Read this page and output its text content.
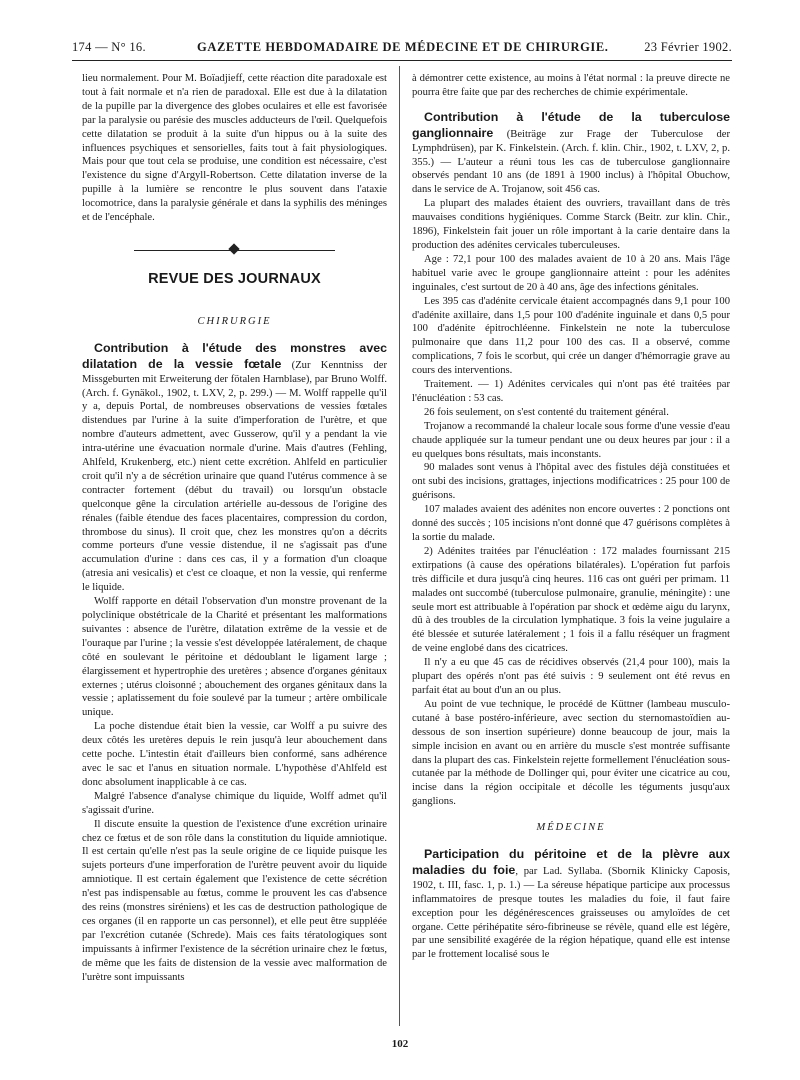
174 — N° 16.	GAZETTE HEBDOMADAIRE DE MÉDECINE ET DE CHIRURGIE.	23 Février 1902.

lieu normalement. Pour M. Boïadjieff, cette réaction dite paradoxale est tout à fait normale et n'a rien de paradoxal. Elle est due à la dilatation de la pupille par la divergence des globes oculaires et elle est favorisée par la paralysie ou parésie des muscles adducteurs de l'œil. Quelquefois cette dilatation se produit à la suite d'un hippus ou à la suite des influences psychiques et sensorielles, faits tout à fait physiologiques. Mais pour que tout cela se produise, une condition est nécessaire, c'est l'existence du signe d'Argyll-Robertson. Cette dilatation inverse de la pupille à la lumière se rencontre le plus souvent dans l'ataxie locomotrice, dans la paralysie générale et dans la syphilis des méninges et de l'encéphale.

REVUE DES JOURNAUX
CHIRURGIE

Contribution à l'étude des monstres avec dilatation de la vessie fœtale (Zur Kenntniss der Missgeburten mit Erweiterung der fötalen Harnblase), par Bruno Wolff. (Arch. f. Gynäkol., 1902, t. LXV, 2, p. 299.) — M. Wolff rappelle qu'il y a, depuis Portal, de nombreuses observations de vessies fœtales distendues par l'urine à la suite d'imperforation de l'urètre, et que nombre d'auteurs admettent, avec Gusserow, qu'il y a pendant la vie intra-utérine une évacuation normale d'urine. Mais d'autres (Fehling, Ahlfeld, Krukenberg, etc.) nient cette excrétion. Ahlfeld en particulier croit qu'il n'y a de sécrétion urinaire que quand l'utérus commence à se contracter fortement (début du travail) ou lorsqu'un obstacle quelconque gêne la circulation artérielle au-dessous de l'origine des rénales (faible étendue des faces placentaires, compression du cordon, thrombose du sinus). Il croit que, chez les monstres qu'on a décrits comme porteurs d'une vessie distendue, il ne s'agissait pas d'une accumulation d'urine : dans ces cas, il y a formation d'un cloaque (atresia ani vesicalis) et c'est ce cloaque, et non la vessie, qui renferme le liquide.

Wolff rapporte en détail l'observation d'un monstre provenant de la polyclinique obstétricale de la Charité et présentant les malformations suivantes : absence de l'urètre, dilatation extrême de la vessie et de l'ouraque par l'urine ; la vessie s'est développée latéralement, de chaque côté en soulevant le péritoine et dédoublant le ligament large ; élargissement et hypertrophie des uretères ; absence d'organes génitaux externes ; utérus cloisonné ; abouchement des organes génitaux dans la vessie ; aplatissement du foie soulevé par la tumeur ; artère ombilicale unique.

La poche distendue était bien la vessie, car Wolff a pu suivre des deux côtés les uretères depuis le rein jusqu'à leur abouchement dans cette poche. L'intestin était d'ailleurs bien conformé, sans adhérence avec le sac et l'anus en situation normale. L'hypothèse d'Ahlfeld est donc absolument inapplicable à ce cas.

Malgré l'absence d'analyse chimique du liquide, Wolff admet qu'il s'agissait d'urine.

Il discute ensuite la question de l'existence d'une excrétion urinaire chez ce fœtus et de son rôle dans la constitution du liquide amniotique. Il est certain qu'elle n'est pas la seule origine de ce liquide puisque les sujets porteurs d'une imperforation de l'urètre peuvent avoir du liquide amniotique. Il est certain également que l'existence de cette sécrétion n'est pas indispensable au fœtus, comme le prouvent les cas d'absence des reins (monstres siréniens) et les cas de destruction pathologique de ces organes (il en rapporte un cas personnel), et elle peut être suppléée par l'excrétion cutanée (Schrede). Mais ces faits tératologiques sont impuissants à infirmer l'existence de la sécrétion urinaire chez le fœtus, de même que les faits de distension de la vessie avec malformation de l'urètre sont impuissants

à démontrer cette existence, au moins à l'état normal : la preuve directe ne pourra être faite que par des recherches de chimie expérimentale.

Contribution à l'étude de la tuberculose ganglionnaire (Beiträge zur Frage der Tuberculose der Lymphdrüsen), par K. Finkelstein. (Arch. f. klin. Chir., 1902, t. LXV, 2, p. 355.) — L'auteur a réuni tous les cas de tuberculose ganglionnaire observés pendant 10 ans (de 1891 à 1900 inclus) à l'hôpital Obuchow, dans le service de A. Trojanow, soit 456 cas.

La plupart des malades étaient des ouvriers, travaillant dans de très mauvaises conditions hygiéniques. Comme Starck (Beitr. zur klin. Chir., 1896), Finkelstein fait jouer un rôle important à la carie dentaire dans la production des adénites cervicales tuberculeuses.

Age : 72,1 pour 100 des malades avaient de 10 à 20 ans. Mais l'âge habituel varie avec le groupe ganglionnaire atteint : pour les adénites inguinales, c'est surtout de 20 à 40 ans, âge des infections génitales.

Les 395 cas d'adénite cervicale étaient accompagnés dans 9,1 pour 100 d'adénite axillaire, dans 1,5 pour 100 d'adénite inguinale et dans 0,5 pour 100 d'adénite épitrochléenne. Finkelstein ne note la tuberculose pulmonaire que dans 11,2 pour 100 des cas. Il a observé, comme complications, 7 fois le scorbut, qui crée un danger d'hémorragie grave au cours des interventions.

Traitement. — 1) Adénites cervicales qui n'ont pas été traitées par l'énucléation : 53 cas.

26 fois seulement, on s'est contenté du traitement général.

Trojanow a recommandé la chaleur locale sous forme d'une vessie d'eau chaude appliquée sur la tumeur pendant une ou deux heures par jour : il a eu quelques bons résultats, mais inconstants.

90 malades sont venus à l'hôpital avec des fistules déjà constituées et ont subi des incisions, grattages, injections modificatrices : 25 pour 100 de guérisons.

107 malades avaient des adénites non encore ouvertes : 2 ponctions ont donné des succès ; 105 incisions n'ont donné que 47 guérisons complètes à la sortie du malade.

2) Adénites traitées par l'énucléation : 172 malades fournissant 215 extirpations (à cause des opérations bilatérales). L'opération fut parfois très difficile et dura jusqu'à cinq heures. 116 cas ont guéri per primam. 11 malades ont succombé (tuberculose pulmonaire, granulie, méningite) : une seule mort est attribuable à l'opération par shock et œdème aigu du larynx, dû à des troubles de la circulation lymphatique. 3 fois la veine jugulaire a été blessée et suturée latéralement ; 1 fois il a fallu réséquer un fragment de veine englobé dans des cicatrices.

Il n'y a eu que 45 cas de récidives observés (21,4 pour 100), mais la plupart des opérés n'ont pas été suivis : 9 seulement ont été revus en parfait état au bout d'un an ou plus.

Au point de vue technique, le procédé de Küttner (lambeau musculo-cutané à base postéro-inférieure, avec section du sternomastoïdien au-dessous de son insertion supérieure) donne beaucoup de jour, mais la simple incision en avant ou en arrière du muscle s'est montrée suffisante dans la plupart des cas. Finkelstein rejette formellement l'énucléation sous-cutanée par la méthode de Dollinger qui, pour éviter une cicatrice au cou, incise dans la région occipitale et décolle les téguments jusqu'aux ganglions.

MÉDECINE

Participation du péritoine et de la plèvre aux maladies du foie, par Lad. Syllaba. (Sbornik Klinicky Caposis, 1902, t. III, fasc. 1, p. 1.) — La séreuse hépatique participe aux processus inflammatoires de presque toutes les maladies du foie, il faut faire exception pour les dégénérescences graisseuses ou amyloïdes de cet organe. Cette périhépatite séro-fibrineuse se révèle, quand elle est légère, par une sensibilité exagérée de la région hépatique, quand elle est intense par le frottement localisé sous le

102
